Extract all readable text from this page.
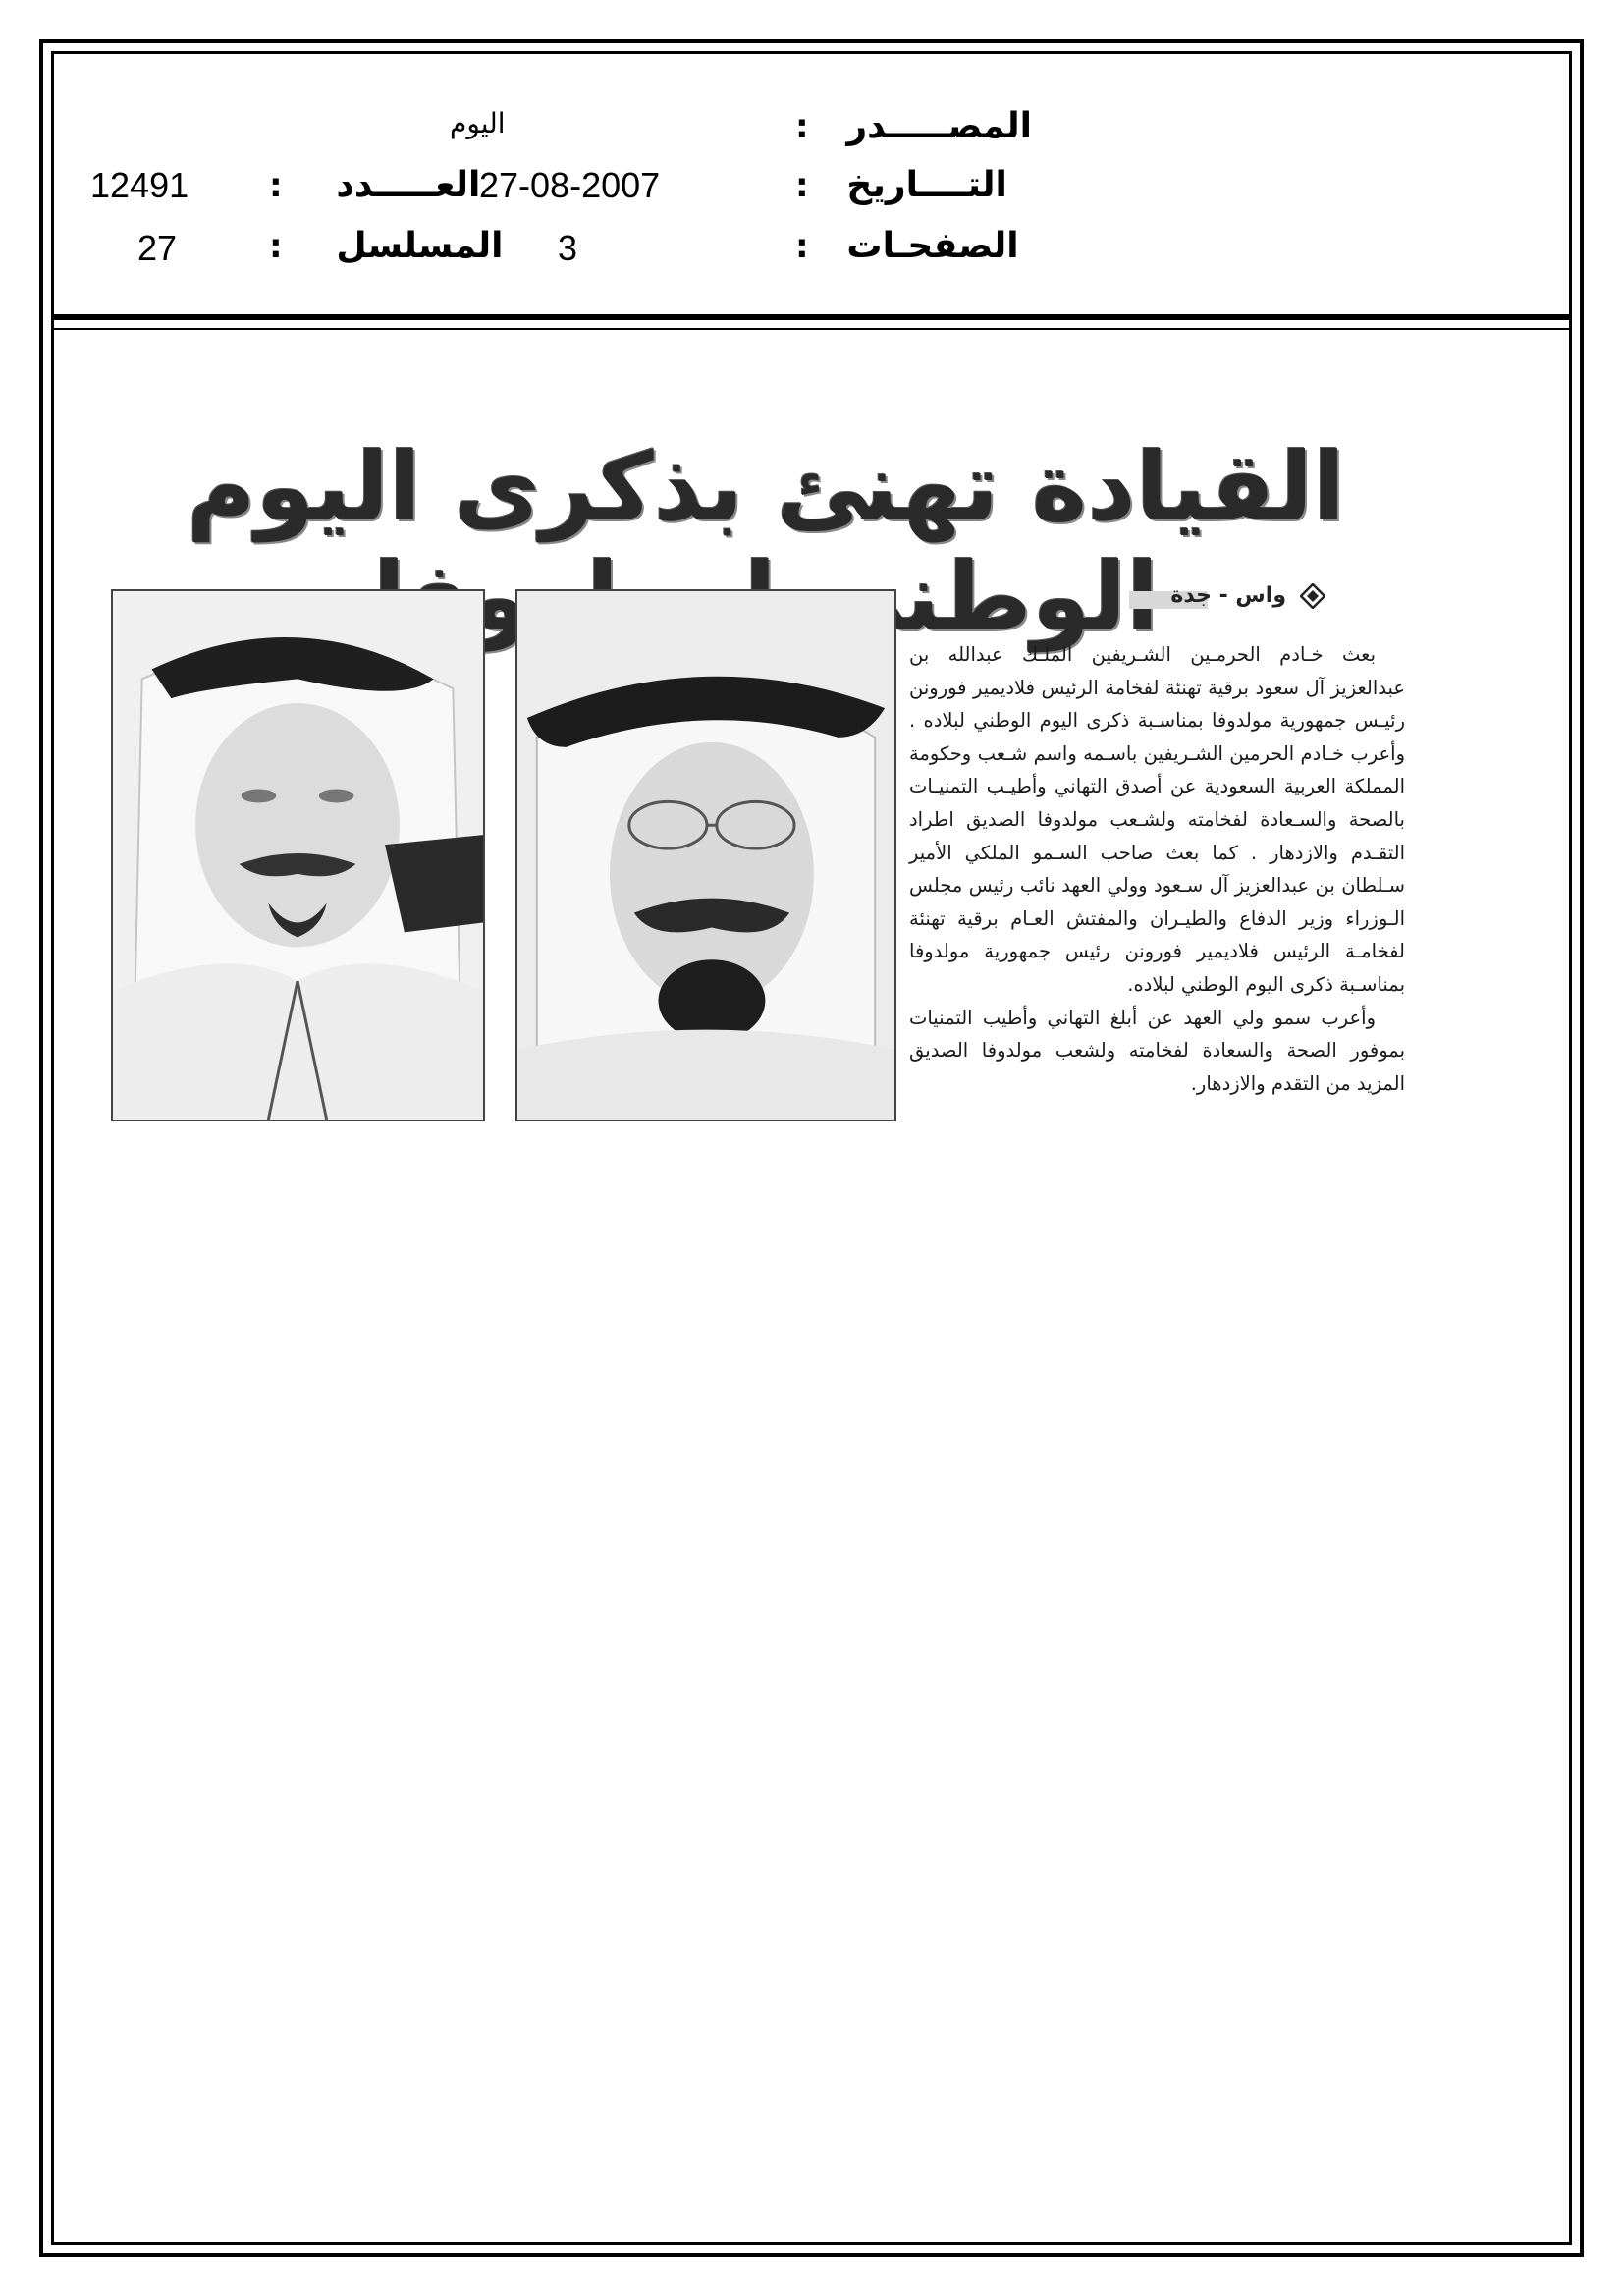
المصـــــدر :
اليوم
التــــاريخ :
27-08-2007
الصفحـات :
3
العـــــدد :
12491
المسلسل :
27
القيادة تهنئ بذكرى اليوم الوطني واس - جدة

بعث خـادم الحرمـين الشـريفين الملـك عبدالله بن عبدالعزيز آل سعود برقية تهنئة لفخامة الرئيس فلاديمير فورونن رئيـس جمهورية مولدوفا بمناسـبة ذكرى اليوم الوطني لبلاده . وأعرب خـادم الحرمين الشـريفين باسـمه واسم شـعب وحكومة المملكة العربية السعودية عن أصدق التهاني وأطيـب التمنيـات بالصحة والسـعادة لفخامته ولشـعب مولدوفا الصديق اطراد التقـدم والازدهار . كما بعث صاحب السـمو الملكي الأمير سـلطان بن عبدالعزيز آل سـعود وولي العهد نائب رئيس مجلس الـوزراء وزير الدفاع والطيـران والمفتش العـام برقية تهنئة لفخامـة الرئيس فلاديمير فورونن رئيس جمهورية مولدوفا بمناسـبة ذكرى اليوم الوطني لبلاده.

وأعرب سمو ولي العهد عن أبلغ التهاني وأطيب التمنيات بموفور الصحة والسعادة لفخامته ولشعب مولدوفا الصديق المزيد من التقدم والازدهار.
